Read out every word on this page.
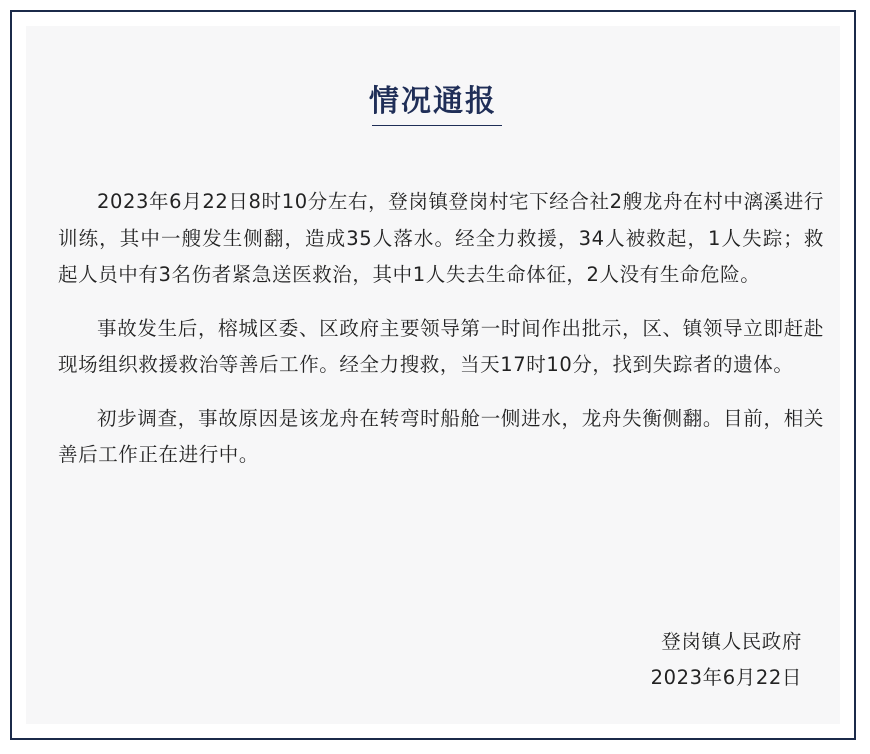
情况通报

2023年6月22日8时10分左右，登岗镇登岗村宅下经合社2艘龙舟在村中漓溪进行训练，其中一艘发生侧翻，造成35人落水。经全力救援，34人被救起，1人失踪；救起人员中有3名伤者紧急送医救治，其中1人失去生命体征，2人没有生命危险。

事故发生后，榕城区委、区政府主要领导第一时间作出批示，区、镇领导立即赶赴现场组织救援救治等善后工作。经全力搜救，当天17时10分，找到失踪者的遗体。

初步调查，事故原因是该龙舟在转弯时船舱一侧进水，龙舟失衡侧翻。目前，相关善后工作正在进行中。

登岗镇人民政府
2023年6月22日
